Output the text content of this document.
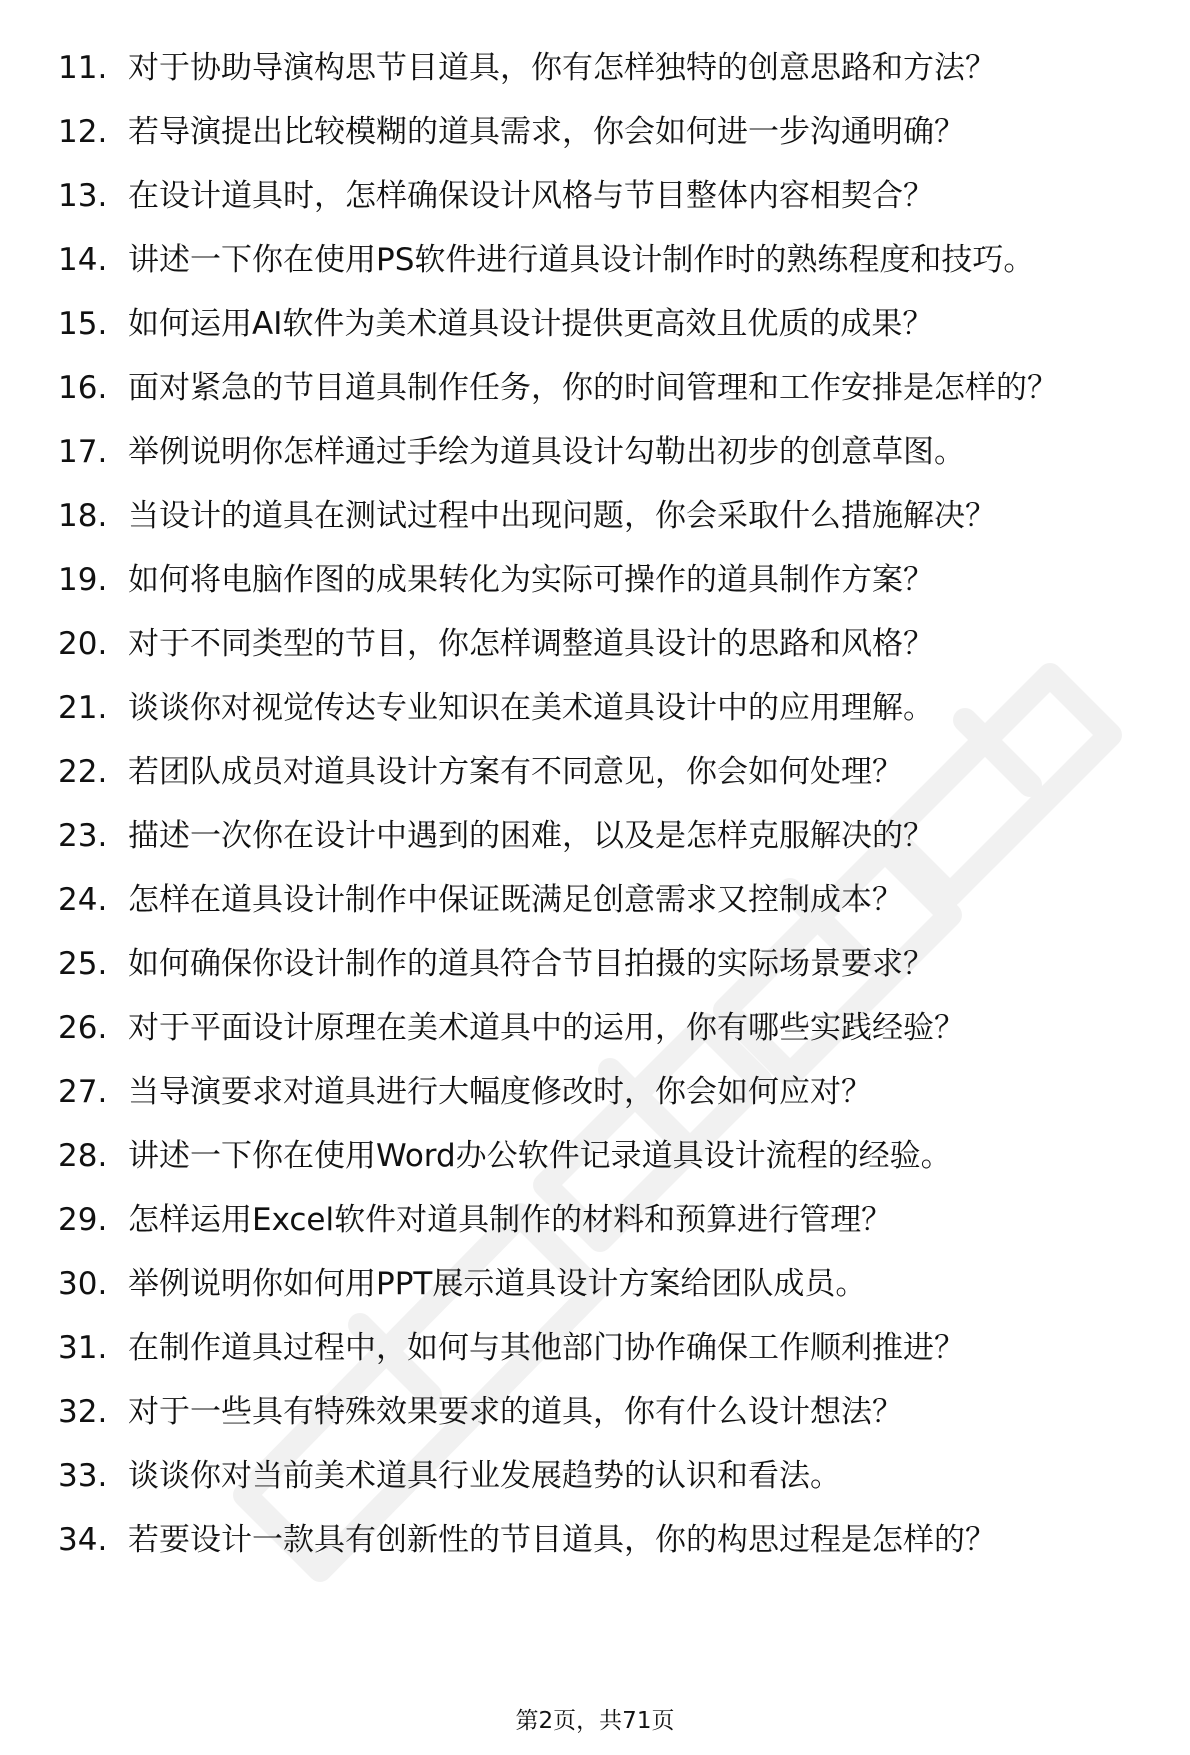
11. 对于协助导演构思节目道具，你有怎样独特的创意思路和方法？
12. 若导演提出比较模糊的道具需求，你会如何进一步沟通明确？
13. 在设计道具时，怎样确保设计风格与节目整体内容相契合？
14. 讲述一下你在使用PS软件进行道具设计制作时的熟练程度和技巧。
15. 如何运用AI软件为美术道具设计提供更高效且优质的成果？
16. 面对紧急的节目道具制作任务，你的时间管理和工作安排是怎样的？
17. 举例说明你怎样通过手绘为道具设计勾勒出初步的创意草图。
18. 当设计的道具在测试过程中出现问题，你会采取什么措施解决？
19. 如何将电脑作图的成果转化为实际可操作的道具制作方案？
20. 对于不同类型的节目，你怎样调整道具设计的思路和风格？
21. 谈谈你对视觉传达专业知识在美术道具设计中的应用理解。
22. 若团队成员对道具设计方案有不同意见，你会如何处理？
23. 描述一次你在设计中遇到的困难，以及是怎样克服解决的？
24. 怎样在道具设计制作中保证既满足创意需求又控制成本？
25. 如何确保你设计制作的道具符合节目拍摄的实际场景要求？
26. 对于平面设计原理在美术道具中的运用，你有哪些实践经验？
27. 当导演要求对道具进行大幅度修改时，你会如何应对？
28. 讲述一下你在使用Word办公软件记录道具设计流程的经验。
29. 怎样运用Excel软件对道具制作的材料和预算进行管理？
30. 举例说明你如何用PPT展示道具设计方案给团队成员。
31. 在制作道具过程中，如何与其他部门协作确保工作顺利推进？
32. 对于一些具有特殊效果要求的道具，你有什么设计想法？
33. 谈谈你对当前美术道具行业发展趋势的认识和看法。
34. 若要设计一款具有创新性的节目道具，你的构思过程是怎样的？
第2页，共71页
